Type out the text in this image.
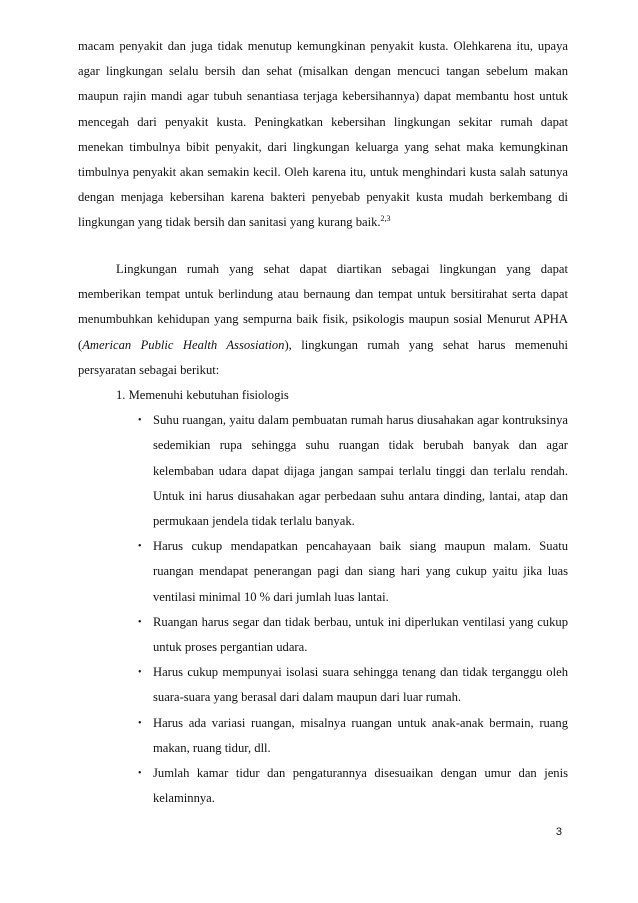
macam penyakit dan juga tidak menutup kemungkinan penyakit kusta. Olehkarena itu, upaya agar lingkungan selalu bersih dan sehat (misalkan dengan mencuci tangan sebelum makan maupun rajin mandi agar tubuh senantiasa terjaga kebersihannya) dapat membantu host untuk mencegah dari penyakit kusta. Peningkatkan kebersihan lingkungan sekitar rumah dapat menekan timbulnya bibit penyakit, dari lingkungan keluarga yang sehat maka kemungkinan timbulnya penyakit akan semakin kecil. Oleh karena itu, untuk menghindari kusta salah satunya dengan menjaga kebersihan karena bakteri penyebab penyakit kusta mudah berkembang di lingkungan yang tidak bersih dan sanitasi yang kurang baik.$^{2,3}$

Lingkungan rumah yang sehat dapat diartikan sebagai lingkungan yang dapat memberikan tempat untuk berlindung atau bernaung dan tempat untuk bersitirahat serta dapat menumbuhkan kehidupan yang sempurna baik fisik, psikologis maupun sosial Menurut APHA (American Public Health Assosiation), lingkungan rumah yang sehat harus memenuhi persyaratan sebagai berikut:

1. Memenuhi kebutuhan fisiologis

• Suhu ruangan, yaitu dalam pembuatan rumah harus diusahakan agar kontruksinya sedemikian rupa sehingga suhu ruangan tidak berubah banyak dan agar kelembaban udara dapat dijaga jangan sampai terlalu tinggi dan terlalu rendah. Untuk ini harus diusahakan agar perbedaan suhu antara dinding, lantai, atap dan permukaan jendela tidak terlalu banyak.

• Harus cukup mendapatkan pencahayaan baik siang maupun malam. Suatu ruangan mendapat penerangan pagi dan siang hari yang cukup yaitu jika luas ventilasi minimal 10 % dari jumlah luas lantai.

• Ruangan harus segar dan tidak berbau, untuk ini diperlukan ventilasi yang cukup untuk proses pergantian udara.

• Harus cukup mempunyai isolasi suara sehingga tenang dan tidak terganggu oleh suara-suara yang berasal dari dalam maupun dari luar rumah.

• Harus ada variasi ruangan, misalnya ruangan untuk anak-anak bermain, ruang makan, ruang tidur, dll.

• Jumlah kamar tidur dan pengaturannya disesuaikan dengan umur dan jenis kelaminnya.

3
